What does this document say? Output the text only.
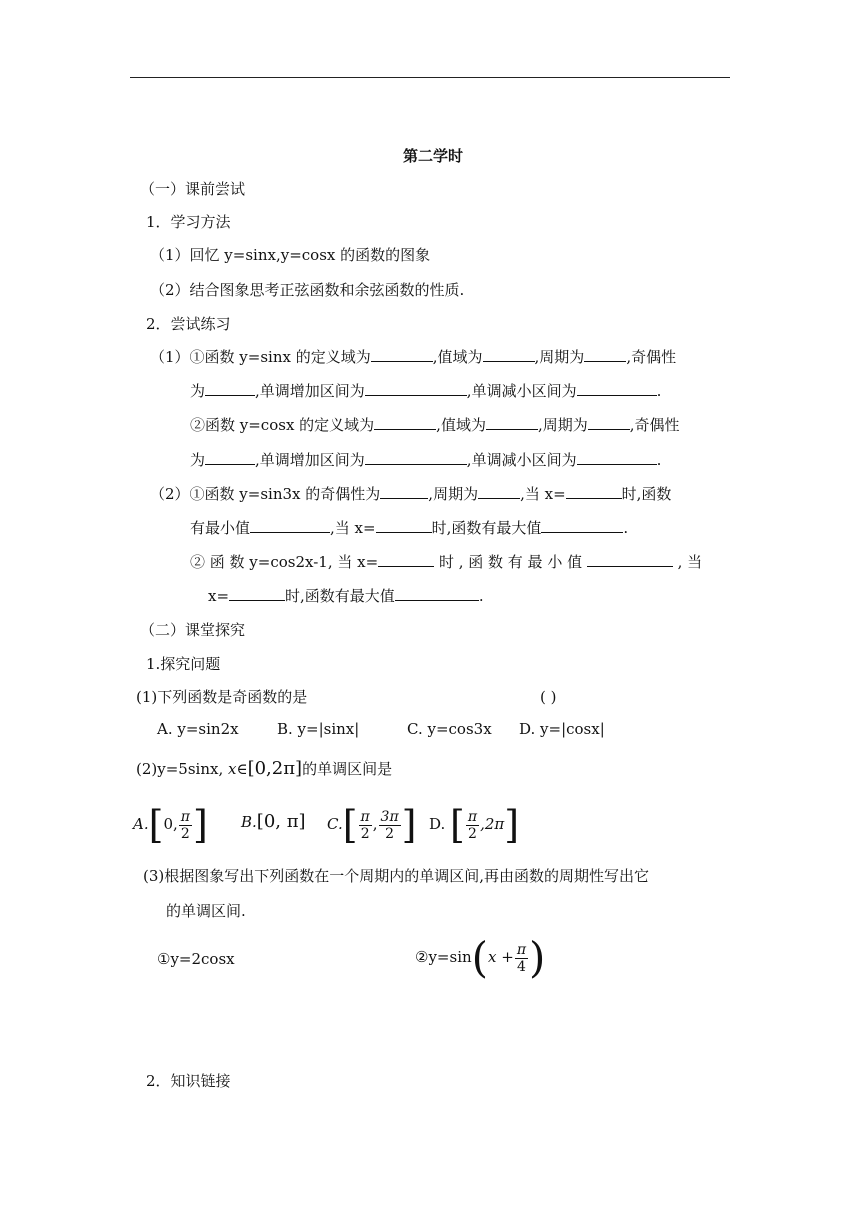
第二学时
（一）课前尝试
1．学习方法
（1）回忆 y=sinx,y=cosx 的函数的图象
（2）结合图象思考正弦函数和余弦函数的性质.
2．尝试练习
（1）①函数 y=sinx 的定义域为	,值域为	,周期为	,奇偶性
为	,单调增加区间为	,单调减小区间为	.
②函数 y=cosx 的定义域为	,值域为	,周期为	,奇偶性
为	,单调增加区间为	,单调减小区间为	.
（2）①函数 y=sin3x 的奇偶性为	,周期为	,当 x=	时,函数
有最小值	,当 x=	时,函数有最大值	.
② 函 数 y=cos2x-1, 当 x=	时 , 函 数 有 最 小 值	, 当
x=	时,函数有最大值	.
（二）课堂探究
1.探究问题
(1)下列函数是奇函数的是	( )
A. y=sin2x	B. y=|sinx|	C. y=cos3x D. y=|cosx|
(2)y=5sinx, x∈[0,2π]的单调区间是
A.[0, $\frac{\pi}{2}$ ] B.[0, π] $C.[ \frac{\pi}{2}$ , $\frac{3\pi}{2}$ ] D. [ $\frac{\pi}{2} ,2\pi$]
(3)根据图象写出下列函数在一个周期内的单调区间,再由函数的周期性写出它
的单调区间.
①y=2cosx	②y=sin(x + $\frac{\pi}{4}$ )
2．知识链接
